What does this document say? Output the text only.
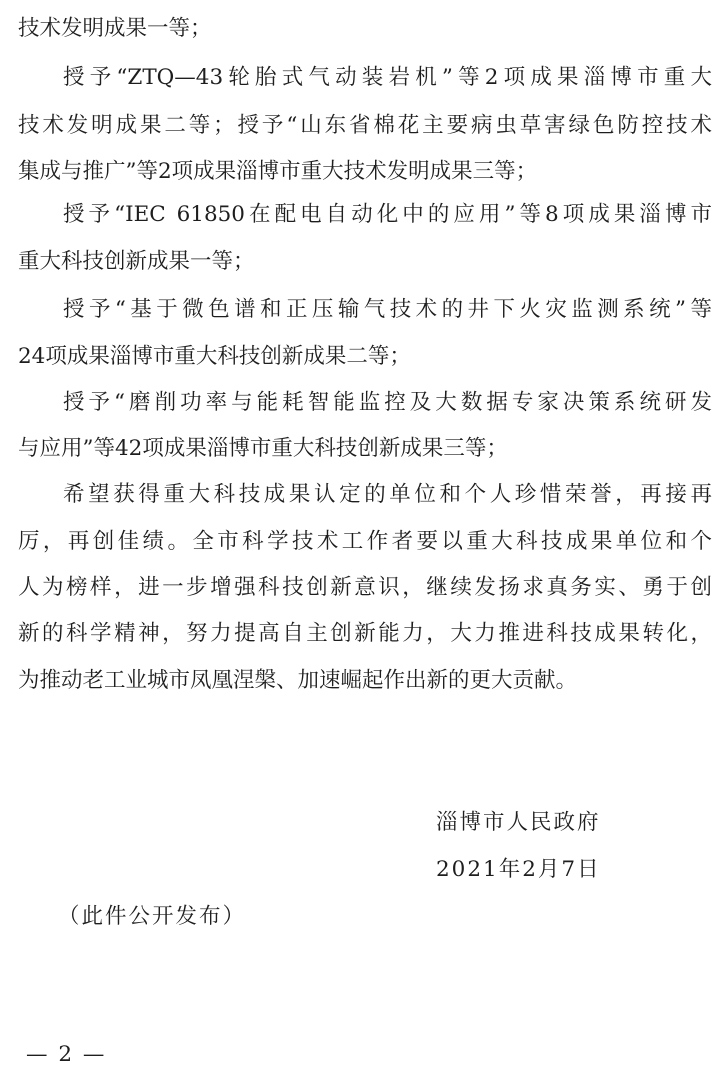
技术发明成果一等；
授予“ZTQ—43轮胎式气动装岩机”等2项成果淄博市重大
技术发明成果二等；授予“山东省棉花主要病虫草害绿色防控技术
集成与推广”等2项成果淄博市重大技术发明成果三等；
授予“IEC 61850在配电自动化中的应用”等8项成果淄博市
重大科技创新成果一等；
授予“基于微色谱和正压输气技术的井下火灾监测系统”等
24项成果淄博市重大科技创新成果二等；
授予“磨削功率与能耗智能监控及大数据专家决策系统研发
与应用”等42项成果淄博市重大科技创新成果三等；
希望获得重大科技成果认定的单位和个人珍惜荣誉，再接再
厉，再创佳绩。全市科学技术工作者要以重大科技成果单位和个
人为榜样，进一步增强科技创新意识，继续发扬求真务实、勇于创
新的科学精神，努力提高自主创新能力，大力推进科技成果转化，
为推动老工业城市凤凰涅槃、加速崛起作出新的更大贡献。
淄博市人民政府
2021年2月7日
（此件公开发布）
— 2 —
